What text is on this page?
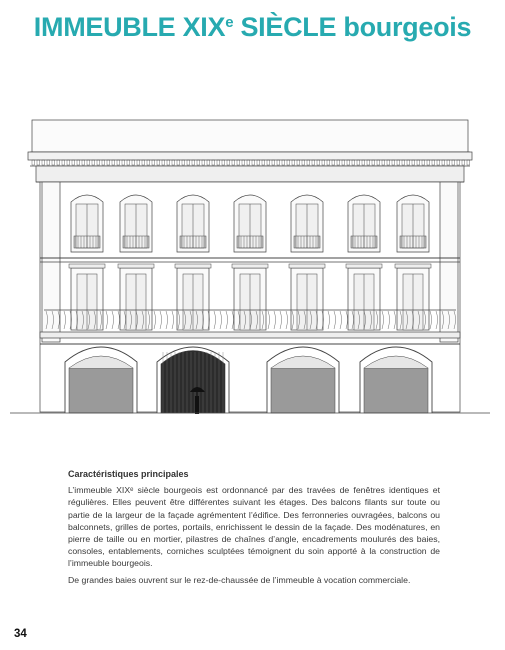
IMMEUBLE XIXe SIÈCLE bourgeois
Caractéristiques principales

L’immeuble XIXᵉ siècle bourgeois est ordonnancé par des travées de fenêtres identiques et régulières. Elles peuvent être différentes suivant les étages. Des balcons filants sur toute ou partie de la largeur de la façade agrémentent l’édifice. Des ferronneries ouvragées, balcons ou balconnets, grilles de portes, portails, enrichissent le dessin de la façade. Des modénatures, en pierre de taille ou en mortier, pilastres de chaînes d’angle, encadrements moulurés des baies, consoles, entablements, corniches sculptées témoignent du soin apporté à la construction de l’immeuble bourgeois.

De grandes baies ouvrent sur le rez-de-chaussée de l’immeuble à vocation commerciale.

34
